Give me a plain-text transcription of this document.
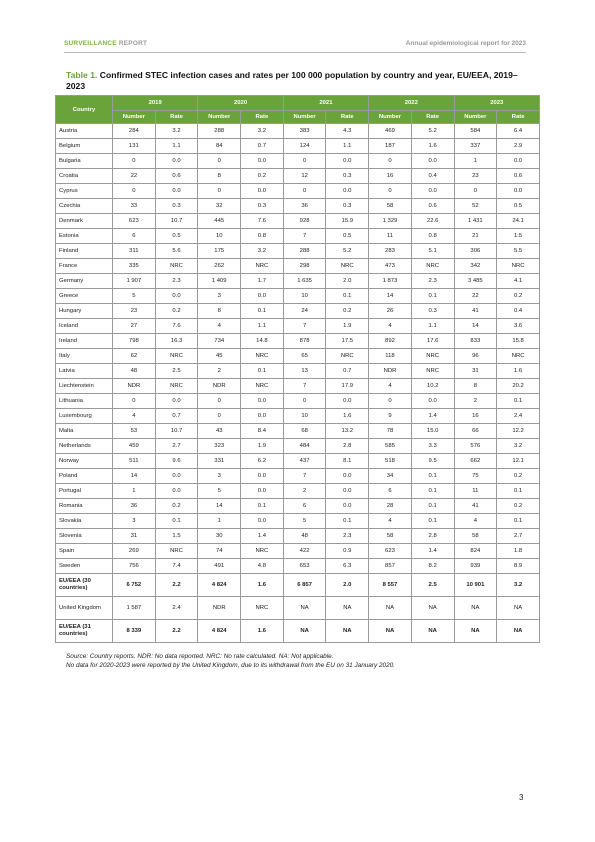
SURVEILLANCE REPORT	Annual epidemiological report for 2023
Table 1. Confirmed STEC infection cases and rates per 100 000 population by country and year, EU/EEA, 2019–2023
Country	2019		2020		2021		2022		2023	
	Number	Rate	Number	Rate	Number	Rate	Number	Rate	Number	Rate
Austria	284	3.2	288	3.2	383	4.3	469	5.2	584	6.4
Belgium	131	1.1	84	0.7	124	1.1	187	1.6	337	2.9
Bulgaria	0	0.0	0	0.0	0	0.0	0	0.0	1	0.0
Croatia	22	0.6	8	0.2	12	0.3	16	0.4	23	0.6
Cyprus	0	0.0	0	0.0	0	0.0	0	0.0	0	0.0
Czechia	33	0.3	32	0.3	36	0.3	58	0.6	52	0.5
Denmark	623	10.7	445	7.6	928	15.9	1 329	22.6	1 431	24.1
Estonia	6	0.5	10	0.8	7	0.5	11	0.8	21	1.5
Finland	311	5.6	175	3.2	288	5.2	283	5.1	306	5.5
France	335	NRC	262	NRC	298	NRC	473	NRC	342	NRC
Germany	1 907	2.3	1 409	1.7	1 635	2.0	1 873	2.3	3 485	4.1
Greece	5	0.0	3	0.0	10	0.1	14	0.1	22	0.2
Hungary	23	0.2	8	0.1	24	0.2	26	0.3	41	0.4
Iceland	27	7.6	4	1.1	7	1.9	4	1.1	14	3.6
Ireland	798	16.3	734	14.8	878	17.5	892	17.6	833	15.8
Italy	62	NRC	45	NRC	65	NRC	118	NRC	96	NRC
Latvia	48	2.5	2	0.1	13	0.7	NDR	NRC	31	1.6
Liechtenstein	NDR	NRC	NDR	NRC	7	17.9	4	10.2	8	20.2
Lithuania	0	0.0	0	0.0	0	0.0	0	0.0	2	0.1
Luxembourg	4	0.7	0	0.0	10	1.6	9	1.4	16	2.4
Malta	53	10.7	43	8.4	68	13.2	78	15.0	66	12.2
Netherlands	459	2.7	323	1.9	484	2.8	585	3.3	576	3.2
Norway	511	9.6	331	6.2	437	8.1	518	9.5	662	12.1
Poland	14	0.0	3	0.0	7	0.0	34	0.1	75	0.2
Portugal	1	0.0	5	0.0	2	0.0	6	0.1	11	0.1
Romania	36	0.2	14	0.1	6	0.0	28	0.1	41	0.2
Slovakia	3	0.1	1	0.0	5	0.1	4	0.1	4	0.1
Slovenia	31	1.5	30	1.4	48	2.3	58	2.8	58	2.7
Spain	269	NRC	74	NRC	422	0.9	623	1.4	824	1.8
Sweden	756	7.4	491	4.8	653	6.3	857	8.2	939	8.9
EU/EEA (30 countries)	6 752	2.2	4 824	1.6	6 857	2.0	8 557	2.5	10 901	3.2
United Kingdom	1 587	2.4	NDR	NRC	NA	NA	NA	NA	NA	NA
EU/EEA (31 countries)	8 339	2.2	4 824	1.6	NA	NA	NA	NA	NA	NA
Source: Country reports. NDR: No data reported. NRC: No rate calculated. NA: Not applicable.
No data for 2020-2023 were reported by the United Kingdom, due to its withdrawal from the EU on 31 January 2020.
3
